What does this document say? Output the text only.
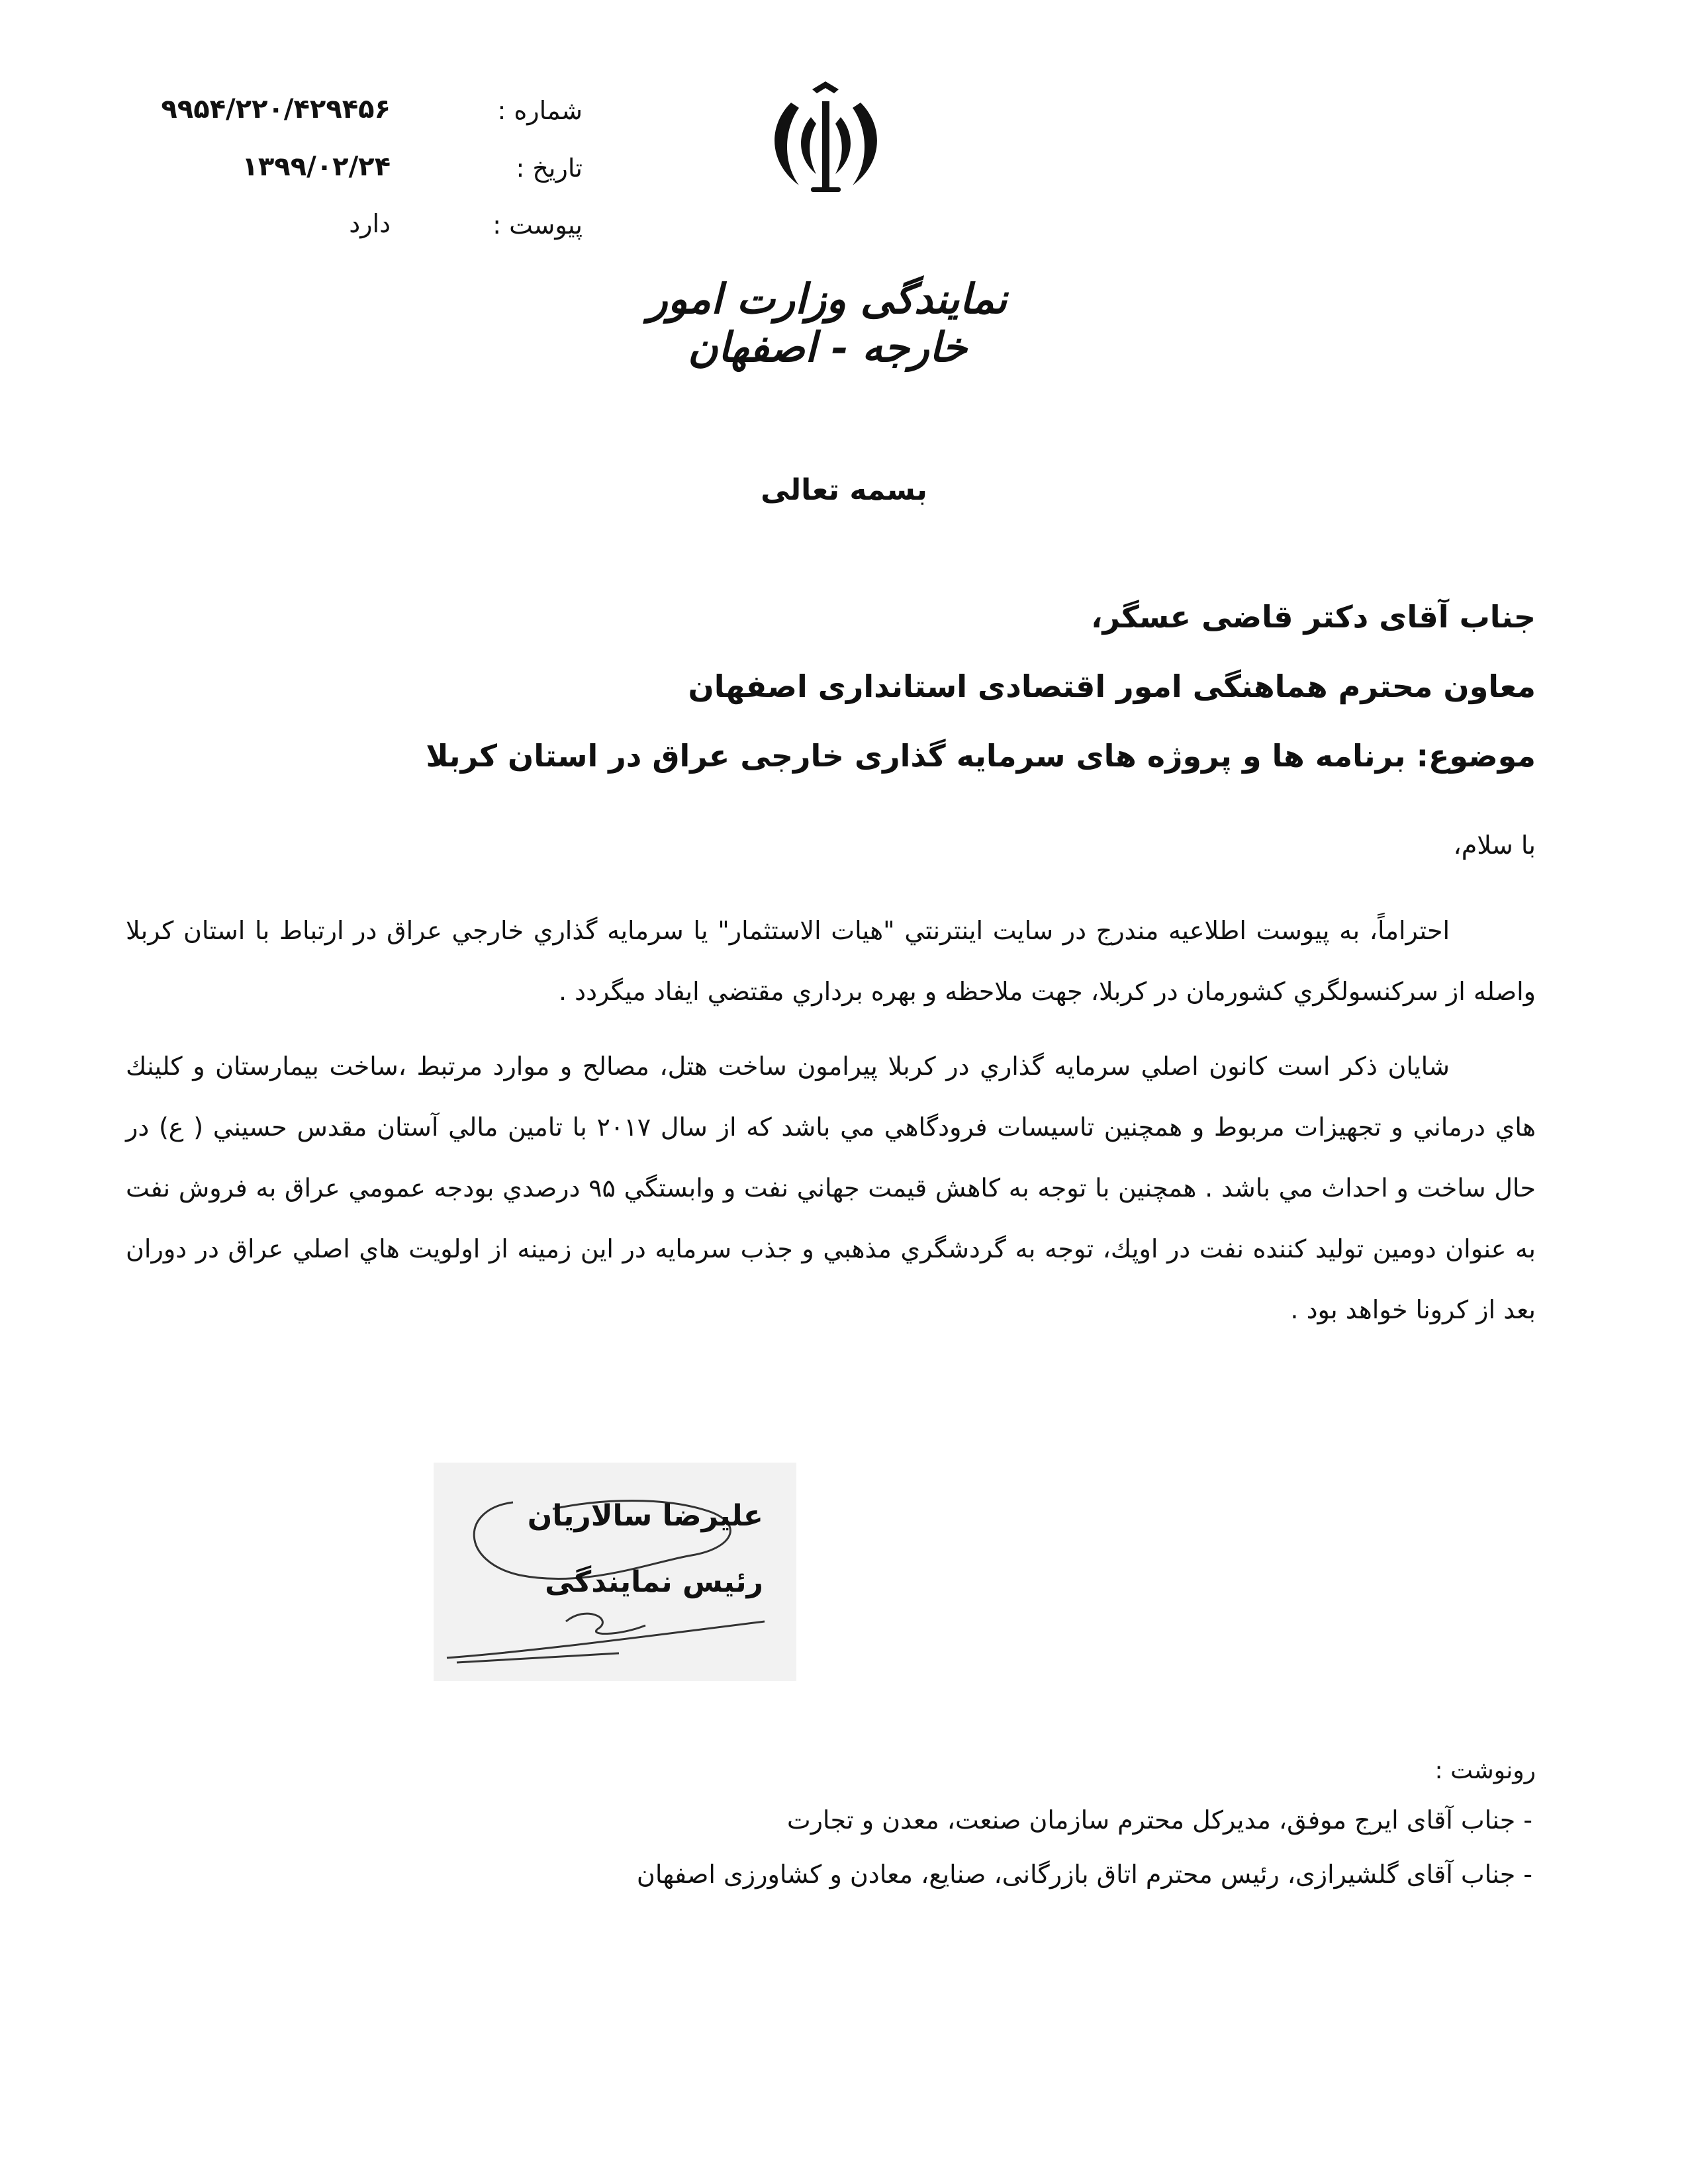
شماره :
۹۹۵۴/۲۲۰/۴۲۹۴۵۶
تاریخ :
۱۳۹۹/۰۲/۲۴
پیوست :
دارد
نمایندگی وزارت امور خارجه - اصفهان
بسمه تعالی
جناب آقای دکتر قاضی عسگر،
معاون محترم هماهنگی امور اقتصادی استانداری اصفهان
موضوع: برنامه ها و پروژه های سرمایه گذاری خارجی عراق در استان کربلا
با سلام،
احتراماً، به پیوست اطلاعیه مندرج در سایت اینترنتي "هیات الاستثمار" یا سرمایه گذاري خارجي عراق در ارتباط با استان کربلا واصله از سرکنسولگري کشورمان در کربلا، جهت ملاحظه و بهره برداري مقتضي ایفاد میگردد .
شایان ذکر است کانون اصلي سرمایه گذاري در کربلا پیرامون ساخت هتل، مصالح و موارد مرتبط ،ساخت بیمارستان و کلینك هاي درماني و تجهیزات مربوط و همچنین تاسیسات فرودگاهي مي باشد که از سال ۲۰۱۷ با تامین مالي آستان مقدس حسیني ( ع) در حال ساخت و احداث مي باشد . همچنین با توجه به کاهش قیمت جهاني نفت و وابستگي ۹۵ درصدي بودجه عمومي عراق به فروش نفت به عنوان دومین تولید کننده نفت در اوپك، توجه به گردشگري مذهبي و جذب سرمایه در این زمینه از اولویت هاي اصلي عراق در دوران بعد از کرونا خواهد بود .
علیرضا سالاریان
رئیس نمایندگی
رونوشت :
- جناب آقای ایرج موفق، مدیرکل محترم سازمان صنعت، معدن و تجارت
- جناب آقای گلشیرازی، رئیس محترم اتاق بازرگانی، صنایع، معادن و کشاورزی اصفهان
